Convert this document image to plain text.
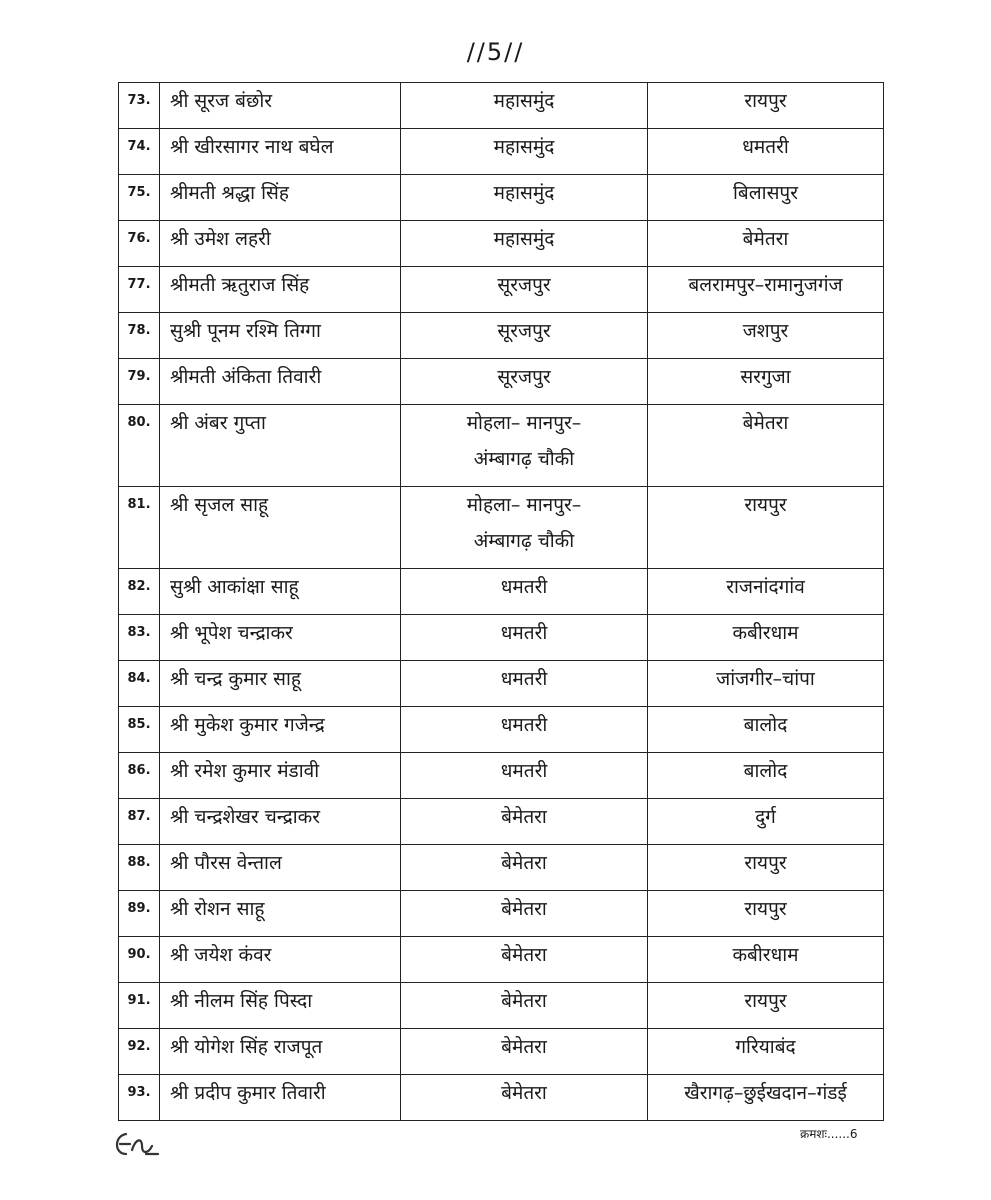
//5//
73.	श्री सूरज बंछोर	महासमुंद	रायपुर
74.	श्री खीरसागर नाथ बघेल	महासमुंद	धमतरी
75.	श्रीमती श्रद्धा सिंह	महासमुंद	बिलासपुर
76.	श्री उमेश लहरी	महासमुंद	बेमेतरा
77.	श्रीमती ऋतुराज सिंह	सूरजपुर	बलरामपुर–रामानुजगंज
78.	सुश्री पूनम रश्मि तिग्गा	सूरजपुर	जशपुर
79.	श्रीमती अंकिता तिवारी	सूरजपुर	सरगुजा
80.	श्री अंबर गुप्ता	मोहला– मानपुर–
अंम्बागढ़ चौकी	बेमेतरा
81.	श्री सृजल साहू	मोहला– मानपुर–
अंम्बागढ़ चौकी	रायपुर
82.	सुश्री आकांक्षा साहू	धमतरी	राजनांदगांव
83.	श्री भूपेश चन्द्राकर	धमतरी	कबीरधाम
84.	श्री चन्द्र कुमार साहू	धमतरी	जांजगीर–चांपा
85.	श्री मुकेश कुमार गजेन्द्र	धमतरी	बालोद
86.	श्री रमेश कुमार मंडावी	धमतरी	बालोद
87.	श्री चन्द्रशेखर चन्द्राकर	बेमेतरा	दुर्ग
88.	श्री पौरस वेन्ताल	बेमेतरा	रायपुर
89.	श्री रोशन साहू	बेमेतरा	रायपुर
90.	श्री जयेश कंवर	बेमेतरा	कबीरधाम
91.	श्री नीलम सिंह पिस्दा	बेमेतरा	रायपुर
92.	श्री योगेश सिंह राजपूत	बेमेतरा	गरियाबंद
93.	श्री प्रदीप कुमार तिवारी	बेमेतरा	खैरागढ़–छुईखदान–गंडई
क्रमशः......6
